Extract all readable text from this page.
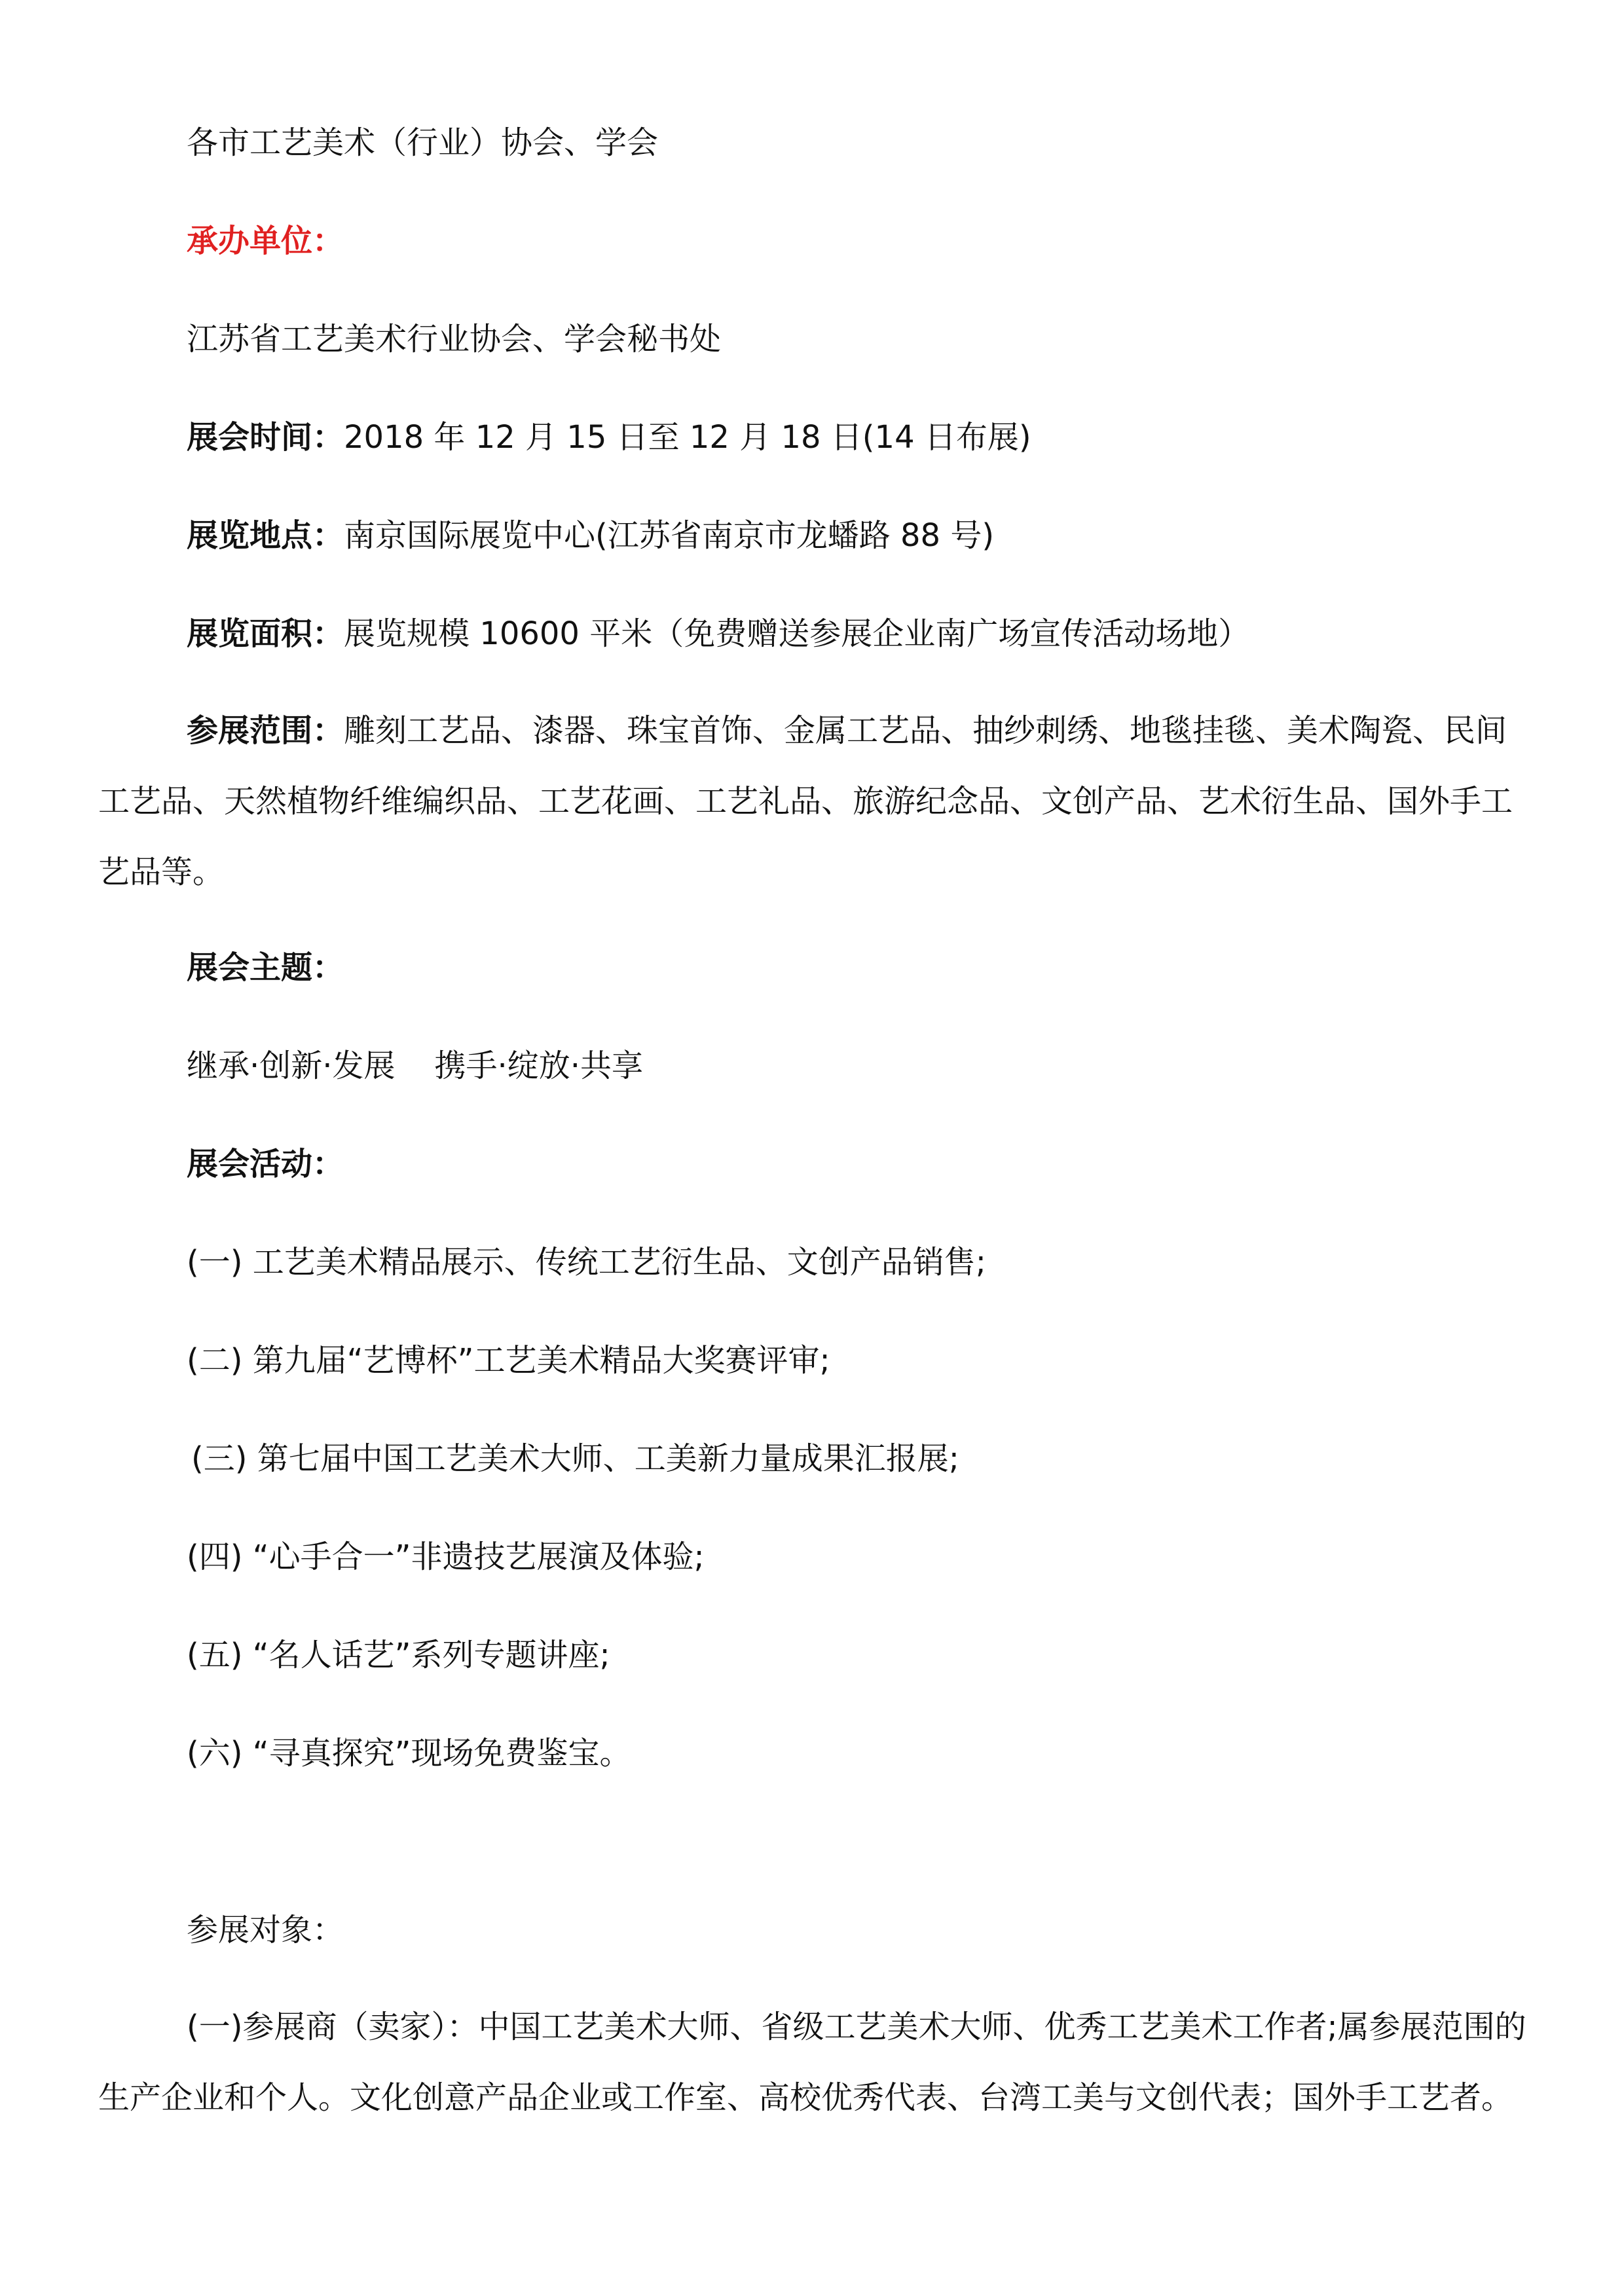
各市工艺美术（行业）协会、学会
承办单位：
江苏省工艺美术行业协会、学会秘书处
展会时间：2018 年 12 月 15 日至 12 月 18 日(14 日布展)
展览地点：南京国际展览中心(江苏省南京市龙蟠路 88 号)
展览面积：展览规模 10600 平米（免费赠送参展企业南广场宣传活动场地）
参展范围：雕刻工艺品、漆器、珠宝首饰、金属工艺品、抽纱刺绣、地毯挂毯、美术陶瓷、民间工艺品、天然植物纤维编织品、工艺花画、工艺礼品、旅游纪念品、文创产品、艺术衍生品、国外手工艺品等。
展会主题：
继承·创新·发展 携手·绽放·共享
展会活动：
(一) 工艺美术精品展示、传统工艺衍生品、文创产品销售;
(二) 第九届“艺博杯”工艺美术精品大奖赛评审;
(三) 第七届中国工艺美术大师、工美新力量成果汇报展;
(四) “心手合一”非遗技艺展演及体验;
(五) “名人话艺”系列专题讲座;
(六) “寻真探究”现场免费鉴宝。
参展对象：
(一)参展商（卖家）：中国工艺美术大师、省级工艺美术大师、优秀工艺美术工作者;属参展范围的生产企业和个人。文化创意产品企业或工作室、高校优秀代表、台湾工美与文创代表；国外手工艺者。
